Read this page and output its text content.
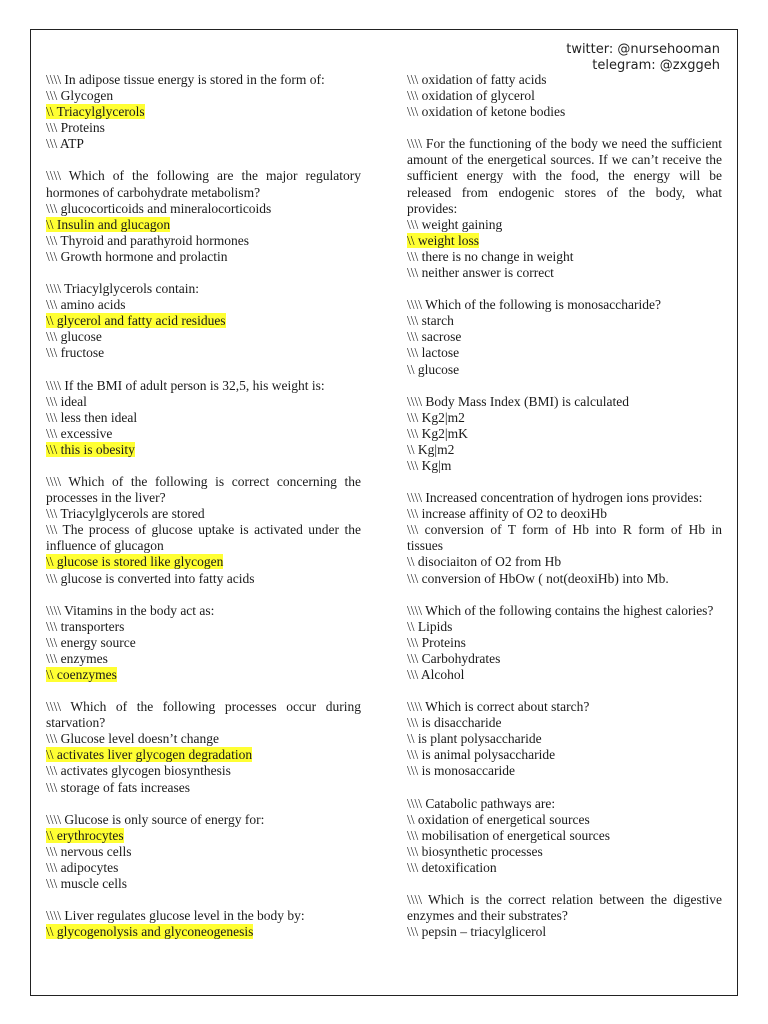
twitter: @nursehooman
telegram: @zxggeh
\\\\ In adipose tissue energy is stored in the form of:
\\\ Glycogen
\\ Triacylglycerols
\\\ Proteins
\\\ ATP
\\\\ Which of the following are the major regulatory hormones of carbohydrate metabolism?
\\\ glucocorticoids and mineralocorticoids
\\ Insulin and glucagon
\\\ Thyroid and parathyroid hormones
\\\ Growth hormone and prolactin
\\\\ Triacylglycerols contain:
\\\ amino acids
\\ glycerol and fatty acid residues
\\\ glucose
\\\ fructose
\\\\ If the BMI of adult person is 32,5, his weight is:
\\\ ideal
\\\ less then ideal
\\\ excessive
\\\ this is obesity
\\\\ Which of the following is correct concerning the processes in the liver?
\\\ Triacylglycerols are stored
\\\ The process of glucose uptake is activated under the influence of glucagon
\\ glucose is stored like glycogen
\\\ glucose is converted into fatty acids
\\\\ Vitamins in the body act as:
\\\ transporters
\\\ energy source
\\\ enzymes
\\ coenzymes
\\\\ Which of the following processes occur during starvation?
\\\ Glucose level doesn’t change
\\ activates liver glycogen degradation
\\\ activates glycogen biosynthesis
\\\ storage of fats increases
\\\\ Glucose is only source of energy for:
\\ erythrocytes
\\\ nervous cells
\\\ adipocytes
\\\ muscle cells
\\\\ Liver regulates glucose level in the body by:
\\ glycogenolysis and glyconeogenesis
\\\ oxidation of fatty acids
\\\ oxidation of glycerol
\\\ oxidation of ketone bodies
\\\\ For the functioning of the body we need the sufficient amount of the energetical sources. If we can’t receive the sufficient energy with the food, the energy will be released from endogenic stores of the body, what provides:
\\\ weight gaining
\\ weight loss
\\\ there is no change in weight
\\\ neither answer is correct
\\\\ Which of the following is monosaccharide?
\\\ starch
\\\ sacrose
\\\ lactose
\\ glucose
\\\\ Body Mass Index (BMI) is calculated
\\\ Kg2|m2
\\\ Kg2|mK
\\ Kg|m2
\\\ Kg|m
\\\\ Increased concentration of hydrogen ions provides:
\\\ increase affinity of O2 to deoxiHb
\\\ conversion of T form of Hb into R form of Hb in tissues
\\ disociaiton of O2 from Hb
\\\ conversion of HbOw ( not(deoxiHb) into Mb.
\\\\ Which of the following contains the highest calories?
\\ Lipids
\\\ Proteins
\\\ Carbohydrates
\\\ Alcohol
\\\\ Which is correct about starch?
\\\ is disaccharide
\\ is plant polysaccharide
\\\ is animal polysaccharide
\\\ is monosaccaride
\\\\ Catabolic pathways are:
\\ oxidation of energetical sources
\\\ mobilisation of energetical sources
\\\ biosynthetic processes
\\\ detoxification
\\\\ Which is the correct relation between the digestive enzymes and their substrates?
\\\ pepsin – triacylglicerol
